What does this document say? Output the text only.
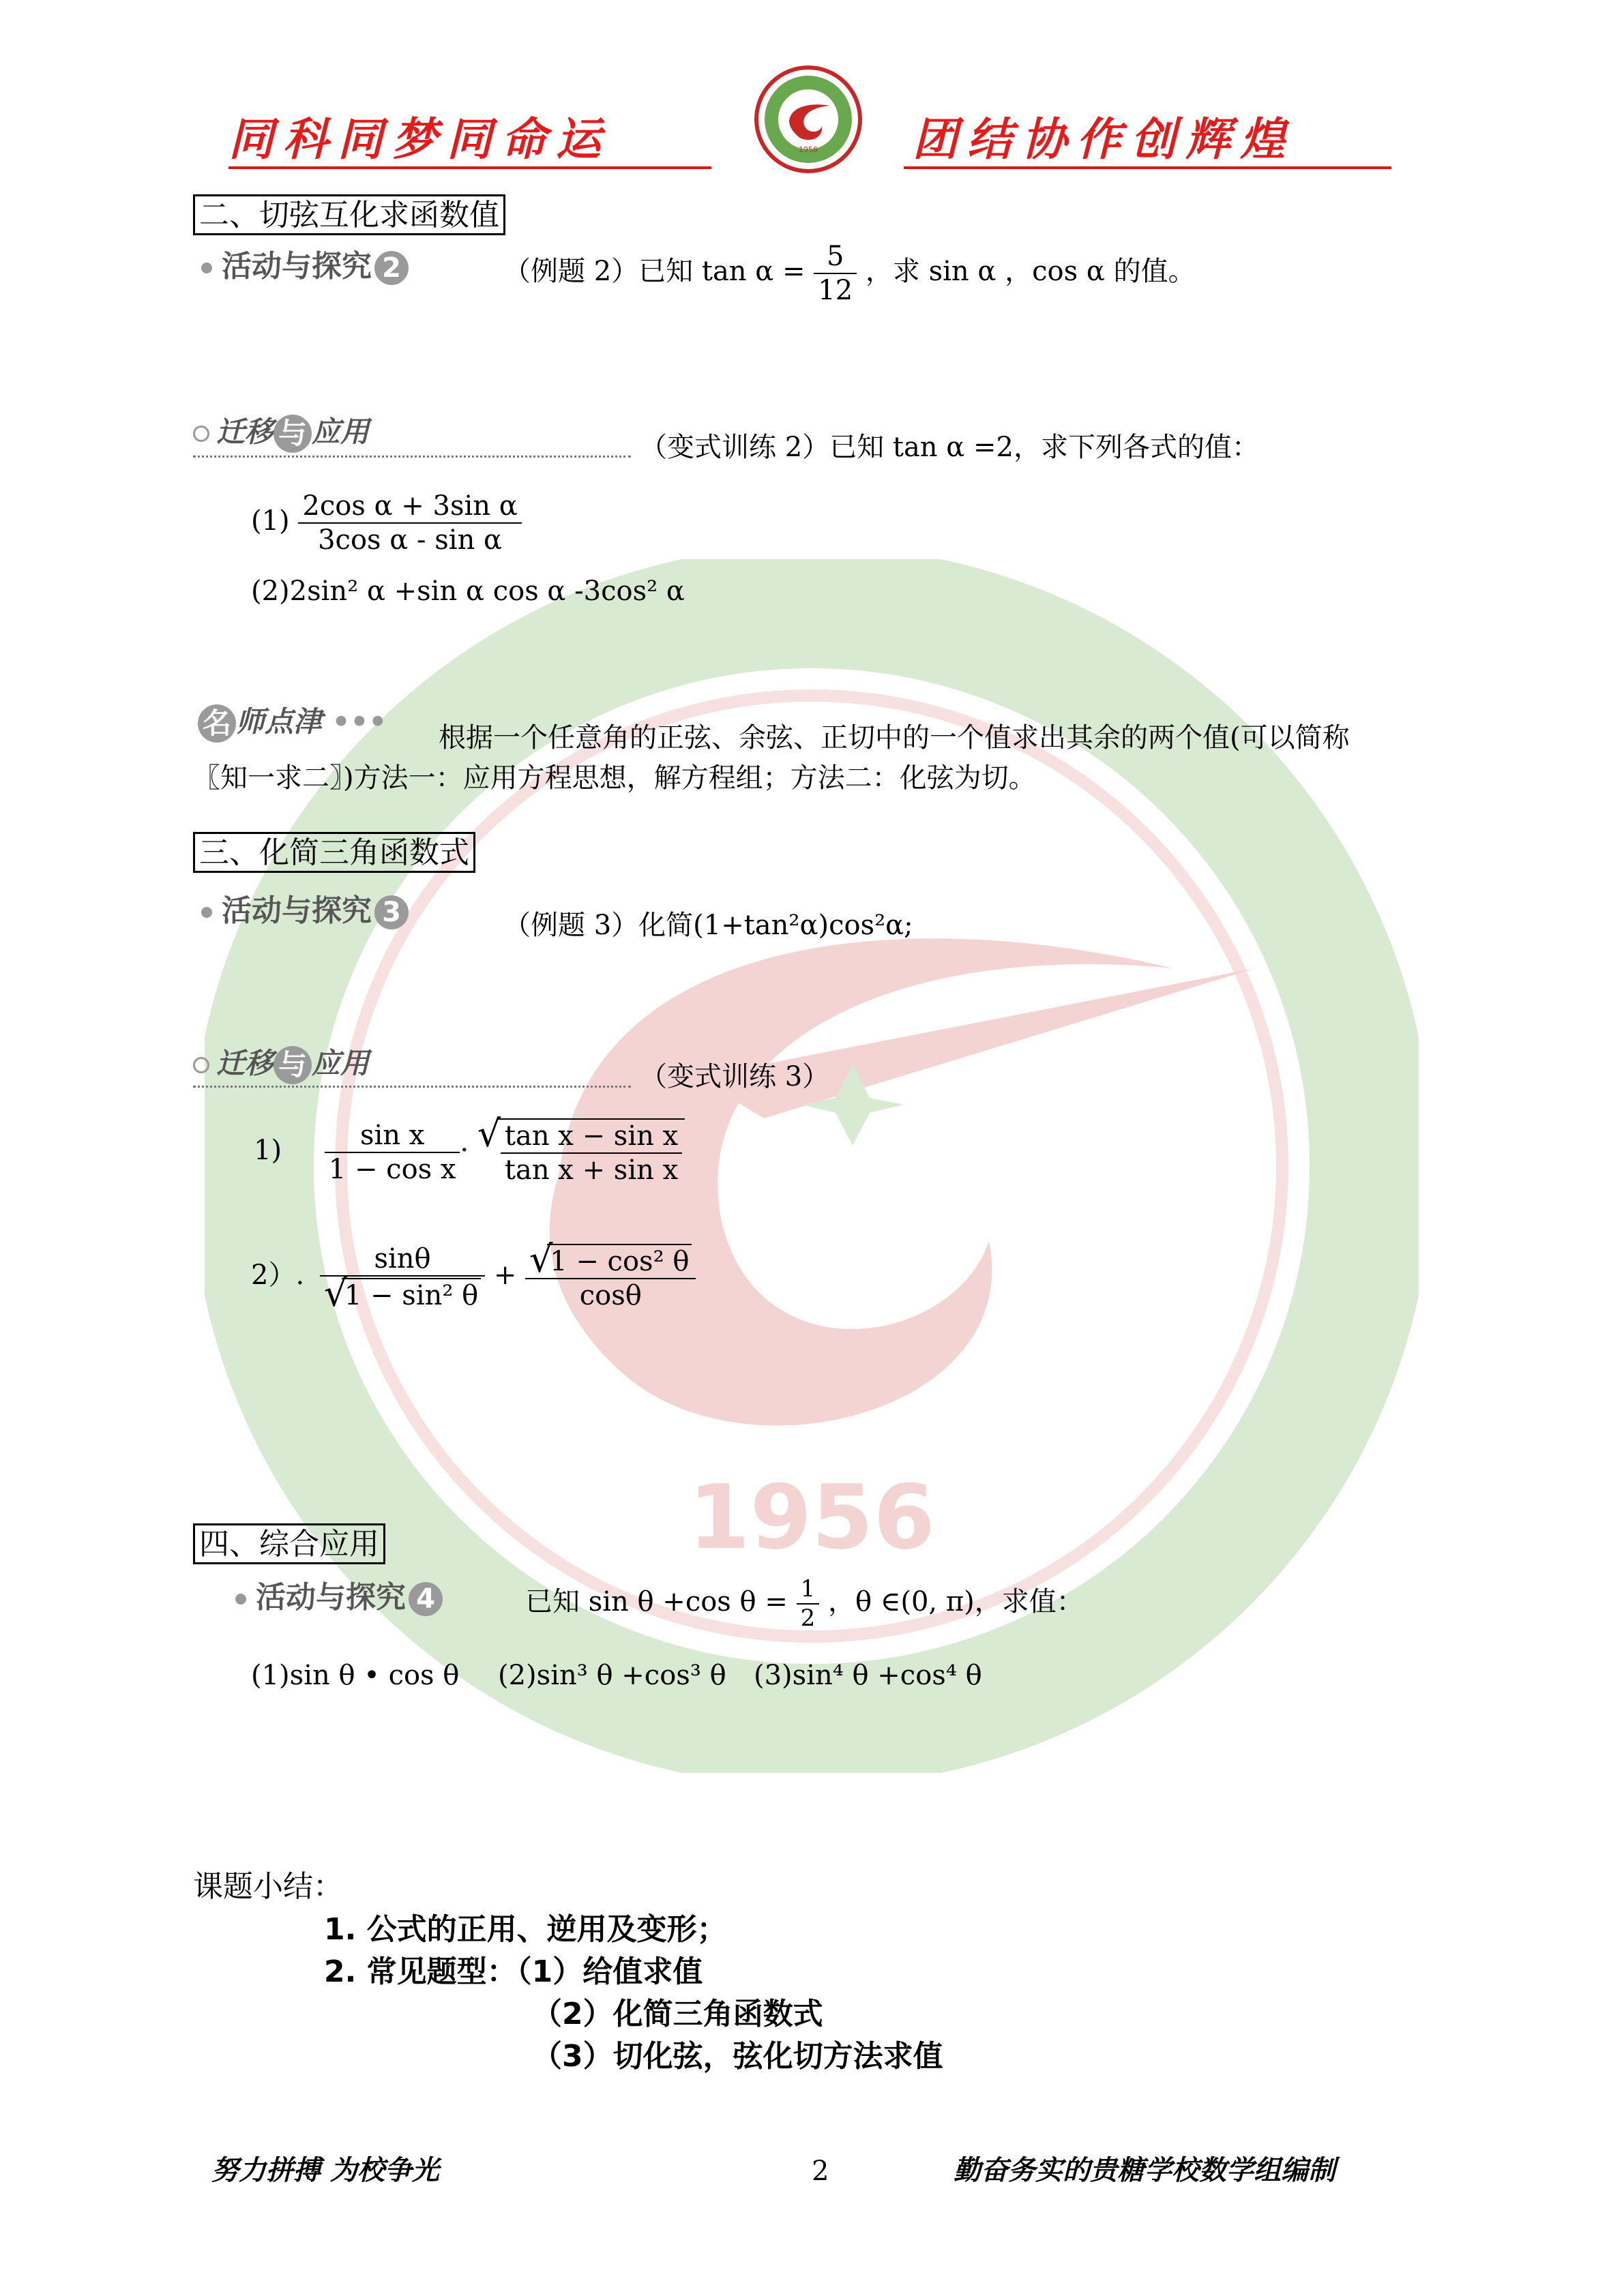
1956
同科同梦同命运	团结协作创辉煌
1956
二、切弦互化求函数值
活动与探究 2	（例题 2）已知 $\tan \alpha = \frac{5}{12}$ ，求 sin α ，cos α 的值。
迁移 与 应用	（变式训练 2）已知 tan α =2，求下列各式的值：
$(1) \frac{\text{2cos α + 3sin α}}{\text{3cos α - sin α}}$
(2)2sin² α +sin α cos α -3cos² α
名 师点津 ••• 根据一个任意角的正弦、余弦、正切中的一个值求出其余的两个值(可以简称
〖知一求二〗)方法一：应用方程思想，解方程组；方法二：化弦为切。
三、化简三角函数式
活动与探究 3	（例题 3）化简(1+tan²α)cos²α;
迁移 与 应用	（变式训练 3）
$1) \frac{\text{sin x}}{\text{1 − cos x}}$ · √ $\frac{\text{tan x − sin x}}{\text{tan x + sin x}}$
2）. sinθ
√
1 − sin² θ + √
1 − cos² θ
cosθ
四、综合应用
活动与探究 4	已知 sin θ +cos $\theta = \frac{1}{2}$ ，θ ∈(0, π)，求值：
(1)sin θ • cos θ (2)sin³ θ +cos³ θ (3)sin⁴ θ +cos⁴ θ
课题小结：
1. 公式的正用、逆用及变形；
2. 常见题型：（1）给值求值
（2）化简三角函数式
（3）切化弦，弦化切方法求值
努力拼搏 为校争光	2	勤奋务实的贵糖学校数学组编制
